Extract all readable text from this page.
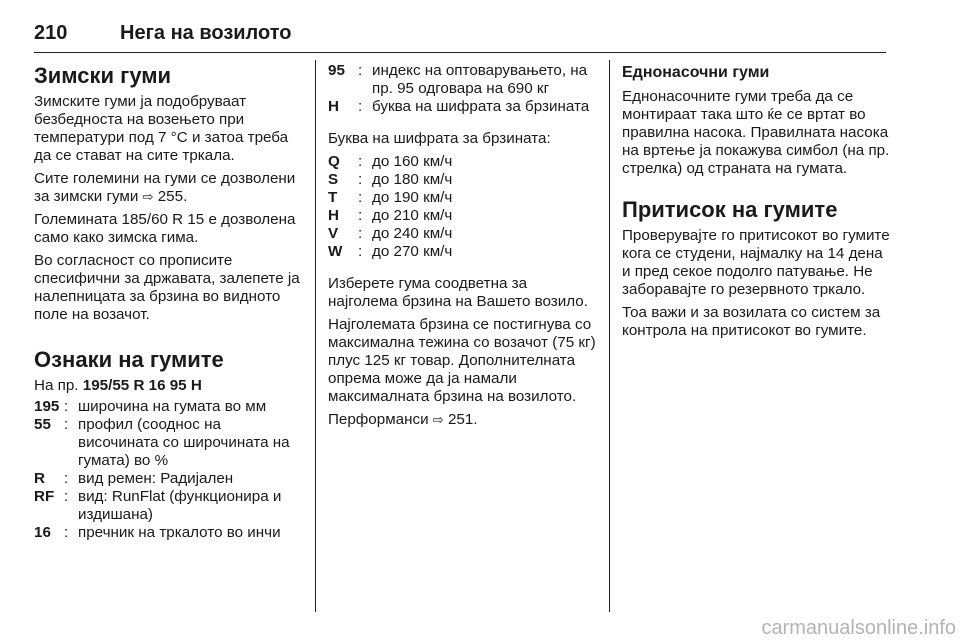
210	Нега на возилото
Зимски гуми

Зимските гуми ја подобруваат безбедноста на возењето при температури под 7 °C и затоа треба да се стават на сите тркала.

Сите големини на гуми се дозволени за зимски гуми ⇨ 255.

Големината 185/60 R 15 е дозволена само како зимска гима.

Во согласност со прописите спесифични за државата, залепете ја налепницата за брзина во видното поле на возачот.

Ознаки на гумите

На пр. 195/55 R 16 95 H

195 : широчина на гумата во мм
55 : профил (сооднос на височината со широчината на гумата) во %
R	: вид ремен: Радијален
RF : вид: RunFlat (функционира и издишана)
16 : пречник на тркалото во инчи
95 : индекс на оптоварувањето, на пр. 95 одговара на 690 кг
H	: буква на шифрата за брзината

Буква на шифрата за брзината:

Q	: до 160 км/ч
S	: до 180 км/ч
T	: до 190 км/ч
H	: до 210 км/ч
V	: до 240 км/ч
W	: до 270 км/ч

Изберете гума соодветна за најголема брзина на Вашето возило.

Најголемата брзина се постигнува со максимална тежина со возачот (75 кг) плус 125 кг товар. Дополнителната опрема може да ја намали максималната брзина на возилото.

Перформанси ⇨ 251.

Еднонасочни гуми

Еднонасочните гуми треба да се монтираат така што ќе се вртат во правилна насока. Правилната насока на вртење ја покажува симбол (на пр. стрелка) од страната на гумата.

Притисок на гумите

Проверувајте го притисокот во гумите кога се студени, најмалку на 14 дена и пред секое подолго патување. Не заборавајте го резервното тркало.

Тоа важи и за возилата со систем за контрола на притисокот во гумите.

carmanualsonline.info
